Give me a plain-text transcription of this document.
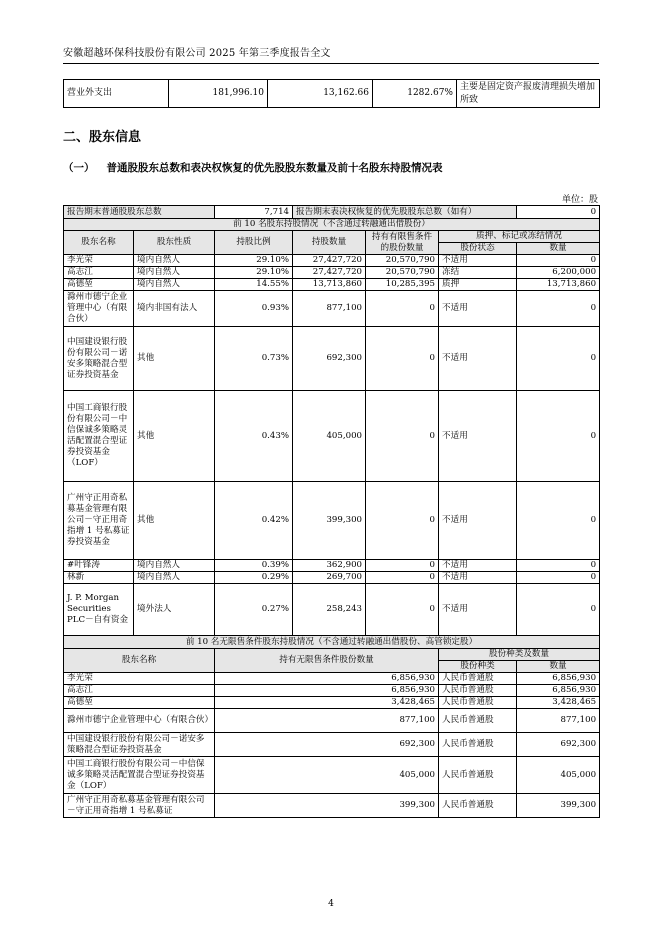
安徽超越环保科技股份有限公司 2025 年第三季度报告全文
营业外支出	181,996.10	13,162.66	1282.67%	主要是固定资产报废清理损失增加所致
二、股东信息
（一） 普通股股东总数和表决权恢复的优先股股东数量及前十名股东持股情况表
单位：股
报告期末普通股股东总数		7,714	报告期末表决权恢复的优先股股东总数（如有）			0
前 10 名股东持股情况（不含通过转融通出借股份）						
股东名称	股东性质	持股比例	持股数量	持有有限售条件的股份数量	质押、标记或冻结情况	
					股份状态	数量
李光荣	境内自然人	29.10%	27,427,720	20,570,790	不适用	0
高志江	境内自然人	29.10%	27,427,720	20,570,790	冻结	6,200,000
高德堃	境内自然人	14.55%	13,713,860	10,285,395	质押	13,713,860
滁州市德宁企业管理中心（有限合伙）	境内非国有法人	0.93%	877,100	0	不适用	0
中国建设银行股份有限公司－诺安多策略混合型证券投资基金	其他	0.73%	692,300	0	不适用	0
中国工商银行股份有限公司－中信保诚多策略灵活配置混合型证券投资基金（LOF）	其他	0.43%	405,000	0	不适用	0
广州守正用奇私募基金管理有限公司－守正用奇指增 1 号私募证券投资基金	其他	0.42%	399,300	0	不适用	0
#叶锋涛	境内自然人	0.39%	362,900	0	不适用	0
林新	境内自然人	0.29%	269,700	0	不适用	0
J. P. Morgan Securities PLC－自有资金	境外法人	0.27%	258,243	0	不适用	0
前 10 名无限售条件股东持股情况（不含通过转融通出借股份、高管锁定股）						
股东名称		持有无限售条件股份数量			股份种类及数量	
					股份种类	数量
李光荣		6,856,930			人民币普通股	6,856,930
高志江		6,856,930			人民币普通股	6,856,930
高德堃		3,428,465			人民币普通股	3,428,465
滁州市德宁企业管理中心（有限合伙）		877,100			人民币普通股	877,100
中国建设银行股份有限公司－诺安多策略混合型证券投资基金		692,300			人民币普通股	692,300
中国工商银行股份有限公司－中信保诚多策略灵活配置混合型证券投资基金（LOF）		405,000			人民币普通股	405,000
广州守正用奇私募基金管理有限公司－守正用奇指增 1 号私募证		399,300			人民币普通股	399,300
4
